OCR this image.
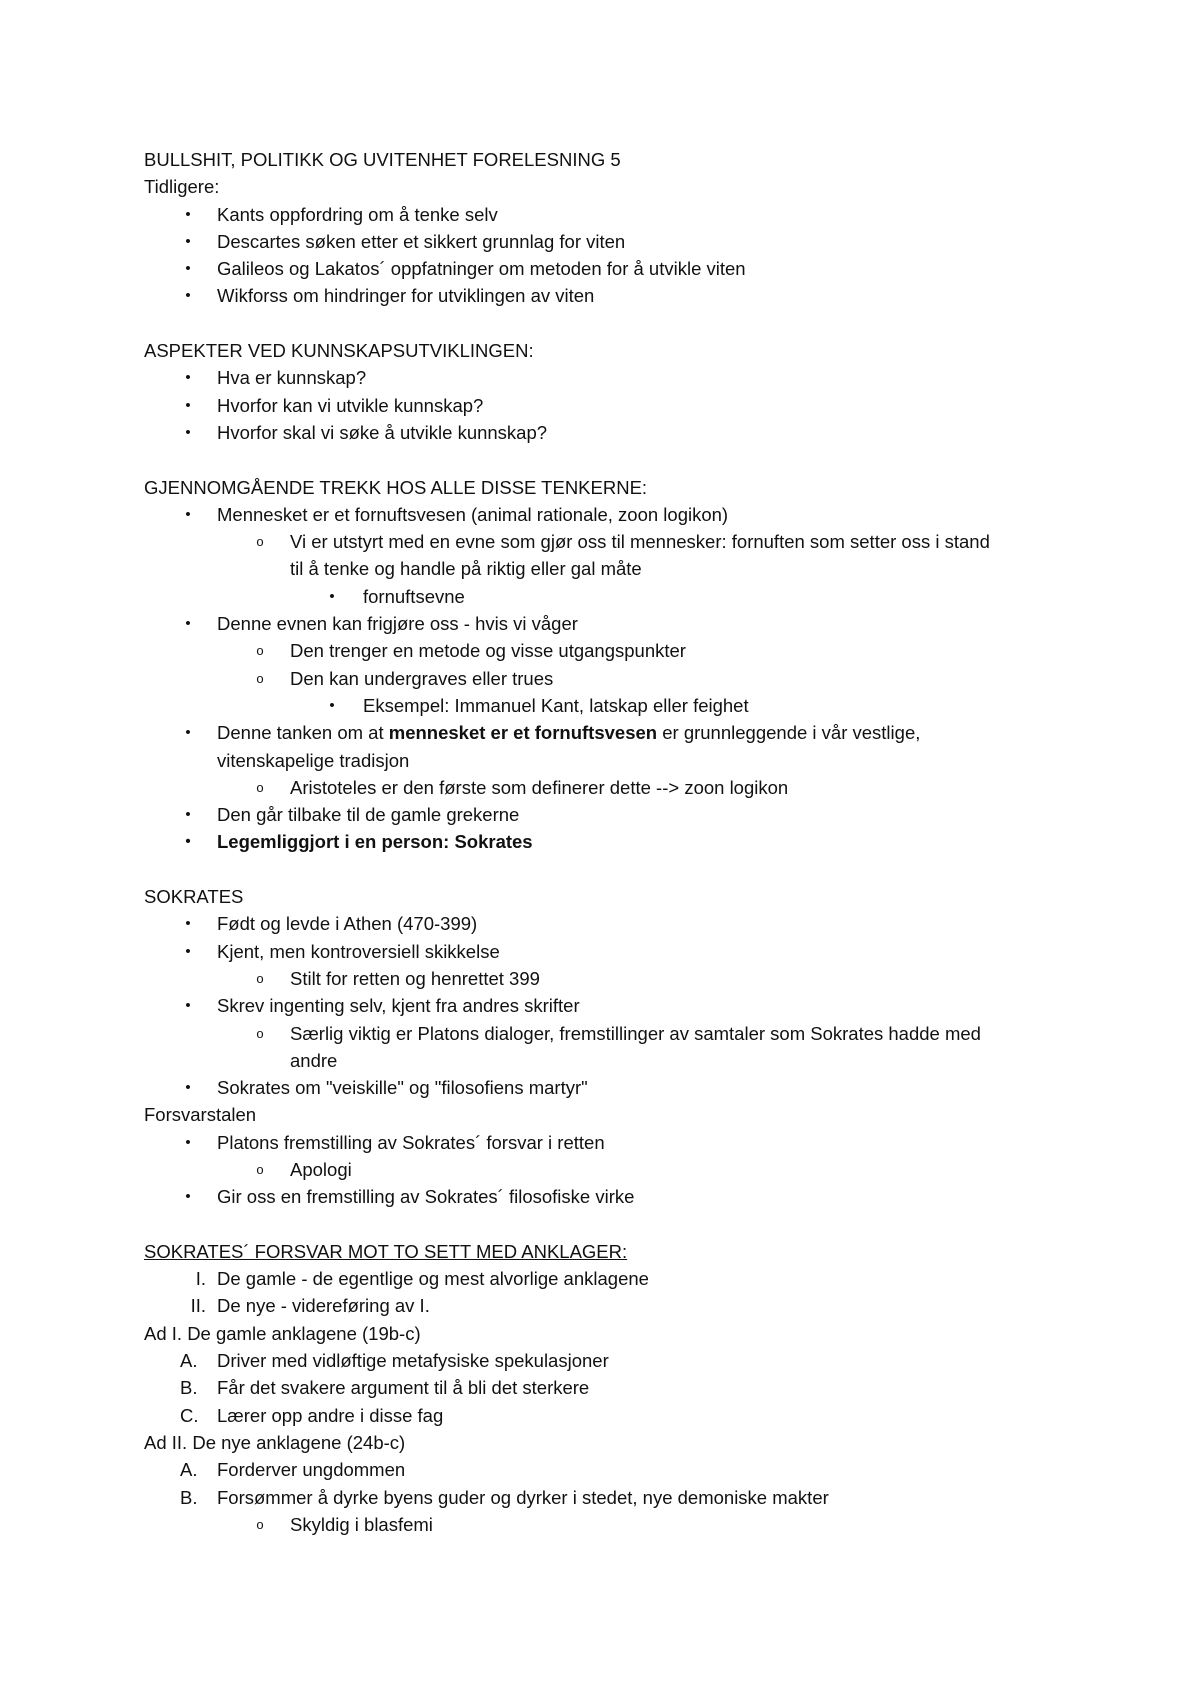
BULLSHIT, POLITIKK OG UVITENHET FORELESNING 5
Tidligere:
• Kants oppfordring om å tenke selv
• Descartes søken etter et sikkert grunnlag for viten
• Galileos og Lakatos´ oppfatninger om metoden for å utvikle viten
• Wikforss om hindringer for utviklingen av viten
ASPEKTER VED KUNNSKAPSUTVIKLINGEN:
• Hva er kunnskap?
• Hvorfor kan vi utvikle kunnskap?
• Hvorfor skal vi søke å utvikle kunnskap?
GJENNOMGÅENDE TREKK HOS ALLE DISSE TENKERNE:
• Mennesket er et fornuftsvesen (animal rationale, zoon logikon)
o Vi er utstyrt med en evne som gjør oss til mennesker: fornuften som setter oss i stand
til å tenke og handle på riktig eller gal måte
• fornuftsevne
• Denne evnen kan frigjøre oss - hvis vi våger
o Den trenger en metode og visse utgangspunkter
o Den kan undergraves eller trues
• Eksempel: Immanuel Kant, latskap eller feighet
• Denne tanken om at mennesket er et fornuftsvesen er grunnleggende i vår vestlige,
vitenskapelige tradisjon
o Aristoteles er den første som definerer dette --> zoon logikon
• Den går tilbake til de gamle grekerne
• Legemliggjort i en person: Sokrates
SOKRATES
• Født og levde i Athen (470-399)
• Kjent, men kontroversiell skikkelse
o Stilt for retten og henrettet 399
• Skrev ingenting selv, kjent fra andres skrifter
o Særlig viktig er Platons dialoger, fremstillinger av samtaler som Sokrates hadde med
andre
• Sokrates om "veiskille" og "filosofiens martyr"
Forsvarstalen
• Platons fremstilling av Sokrates´ forsvar i retten
o Apologi
• Gir oss en fremstilling av Sokrates´ filosofiske virke
SOKRATES´ FORSVAR MOT TO SETT MED ANKLAGER:
I. De gamle - de egentlige og mest alvorlige anklagene
II. De nye - videreføring av I.
Ad I. De gamle anklagene (19b-c)
A. Driver med vidløftige metafysiske spekulasjoner
B. Får det svakere argument til å bli det sterkere
C. Lærer opp andre i disse fag
Ad II. De nye anklagene (24b-c)
A. Forderver ungdommen
B. Forsømmer å dyrke byens guder og dyrker i stedet, nye demoniske makter
o Skyldig i blasfemi
